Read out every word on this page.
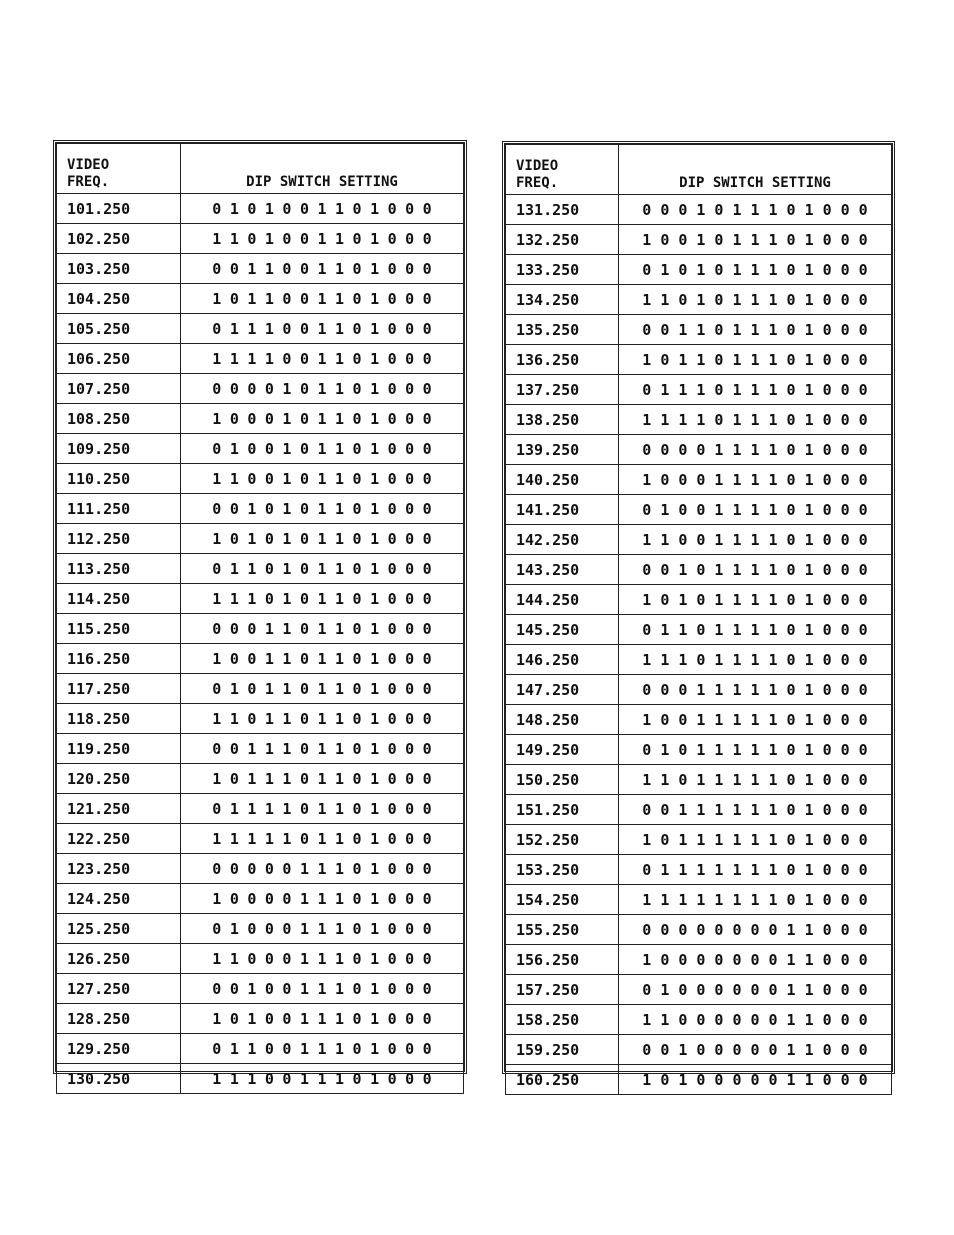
VIDEO
FREQ.	DIP SWITCH SETTING
101.250	0 1 0 1 0 0 1 1 0 1 0 0 0
102.250	1 1 0 1 0 0 1 1 0 1 0 0 0
103.250	0 0 1 1 0 0 1 1 0 1 0 0 0
104.250	1 0 1 1 0 0 1 1 0 1 0 0 0
105.250	0 1 1 1 0 0 1 1 0 1 0 0 0
106.250	1 1 1 1 0 0 1 1 0 1 0 0 0
107.250	0 0 0 0 1 0 1 1 0 1 0 0 0
108.250	1 0 0 0 1 0 1 1 0 1 0 0 0
109.250	0 1 0 0 1 0 1 1 0 1 0 0 0
110.250	1 1 0 0 1 0 1 1 0 1 0 0 0
111.250	0 0 1 0 1 0 1 1 0 1 0 0 0
112.250	1 0 1 0 1 0 1 1 0 1 0 0 0
113.250	0 1 1 0 1 0 1 1 0 1 0 0 0
114.250	1 1 1 0 1 0 1 1 0 1 0 0 0
115.250	0 0 0 1 1 0 1 1 0 1 0 0 0
116.250	1 0 0 1 1 0 1 1 0 1 0 0 0
117.250	0 1 0 1 1 0 1 1 0 1 0 0 0
118.250	1 1 0 1 1 0 1 1 0 1 0 0 0
119.250	0 0 1 1 1 0 1 1 0 1 0 0 0
120.250	1 0 1 1 1 0 1 1 0 1 0 0 0
121.250	0 1 1 1 1 0 1 1 0 1 0 0 0
122.250	1 1 1 1 1 0 1 1 0 1 0 0 0
123.250	0 0 0 0 0 1 1 1 0 1 0 0 0
124.250	1 0 0 0 0 1 1 1 0 1 0 0 0
125.250	0 1 0 0 0 1 1 1 0 1 0 0 0
126.250	1 1 0 0 0 1 1 1 0 1 0 0 0
127.250	0 0 1 0 0 1 1 1 0 1 0 0 0
128.250	1 0 1 0 0 1 1 1 0 1 0 0 0
129.250	0 1 1 0 0 1 1 1 0 1 0 0 0
130.250	1 1 1 0 0 1 1 1 0 1 0 0 0
VIDEO
FREQ.	DIP SWITCH SETTING
131.250	0 0 0 1 0 1 1 1 0 1 0 0 0
132.250	1 0 0 1 0 1 1 1 0 1 0 0 0
133.250	0 1 0 1 0 1 1 1 0 1 0 0 0
134.250	1 1 0 1 0 1 1 1 0 1 0 0 0
135.250	0 0 1 1 0 1 1 1 0 1 0 0 0
136.250	1 0 1 1 0 1 1 1 0 1 0 0 0
137.250	0 1 1 1 0 1 1 1 0 1 0 0 0
138.250	1 1 1 1 0 1 1 1 0 1 0 0 0
139.250	0 0 0 0 1 1 1 1 0 1 0 0 0
140.250	1 0 0 0 1 1 1 1 0 1 0 0 0
141.250	0 1 0 0 1 1 1 1 0 1 0 0 0
142.250	1 1 0 0 1 1 1 1 0 1 0 0 0
143.250	0 0 1 0 1 1 1 1 0 1 0 0 0
144.250	1 0 1 0 1 1 1 1 0 1 0 0 0
145.250	0 1 1 0 1 1 1 1 0 1 0 0 0
146.250	1 1 1 0 1 1 1 1 0 1 0 0 0
147.250	0 0 0 1 1 1 1 1 0 1 0 0 0
148.250	1 0 0 1 1 1 1 1 0 1 0 0 0
149.250	0 1 0 1 1 1 1 1 0 1 0 0 0
150.250	1 1 0 1 1 1 1 1 0 1 0 0 0
151.250	0 0 1 1 1 1 1 1 0 1 0 0 0
152.250	1 0 1 1 1 1 1 1 0 1 0 0 0
153.250	0 1 1 1 1 1 1 1 0 1 0 0 0
154.250	1 1 1 1 1 1 1 1 0 1 0 0 0
155.250	0 0 0 0 0 0 0 0 1 1 0 0 0
156.250	1 0 0 0 0 0 0 0 1 1 0 0 0
157.250	0 1 0 0 0 0 0 0 1 1 0 0 0
158.250	1 1 0 0 0 0 0 0 1 1 0 0 0
159.250	0 0 1 0 0 0 0 0 1 1 0 0 0
160.250	1 0 1 0 0 0 0 0 1 1 0 0 0
